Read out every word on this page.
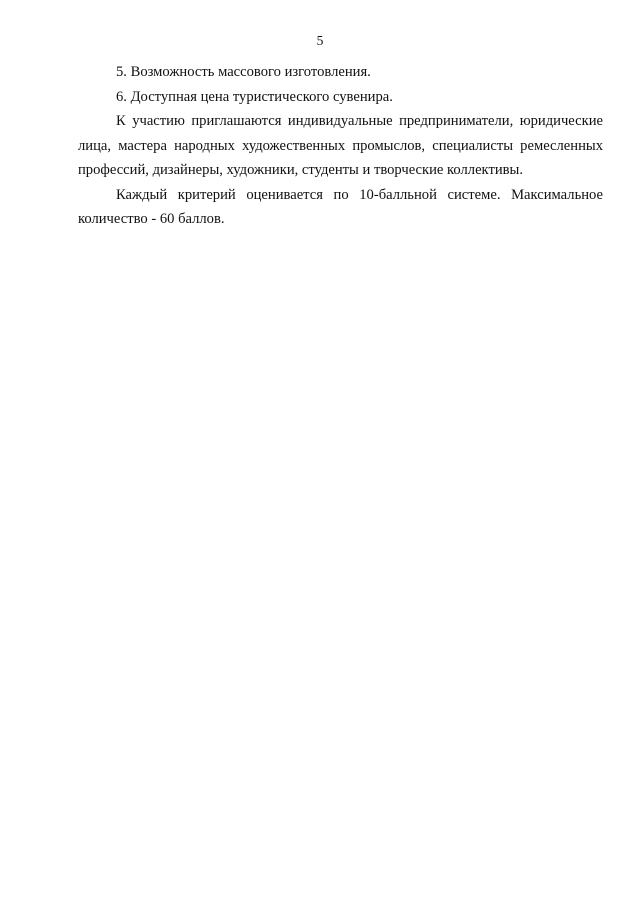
5

5. Возможность массового изготовления.

6. Доступная цена туристического сувенира.

К участию приглашаются индивидуальные предприниматели, юридические лица, мастера народных художественных промыслов, специалисты ремесленных профессий, дизайнеры, художники, студенты и творческие коллективы.

Каждый критерий оценивается по 10-балльной системе. Максимальное количество - 60 баллов.
